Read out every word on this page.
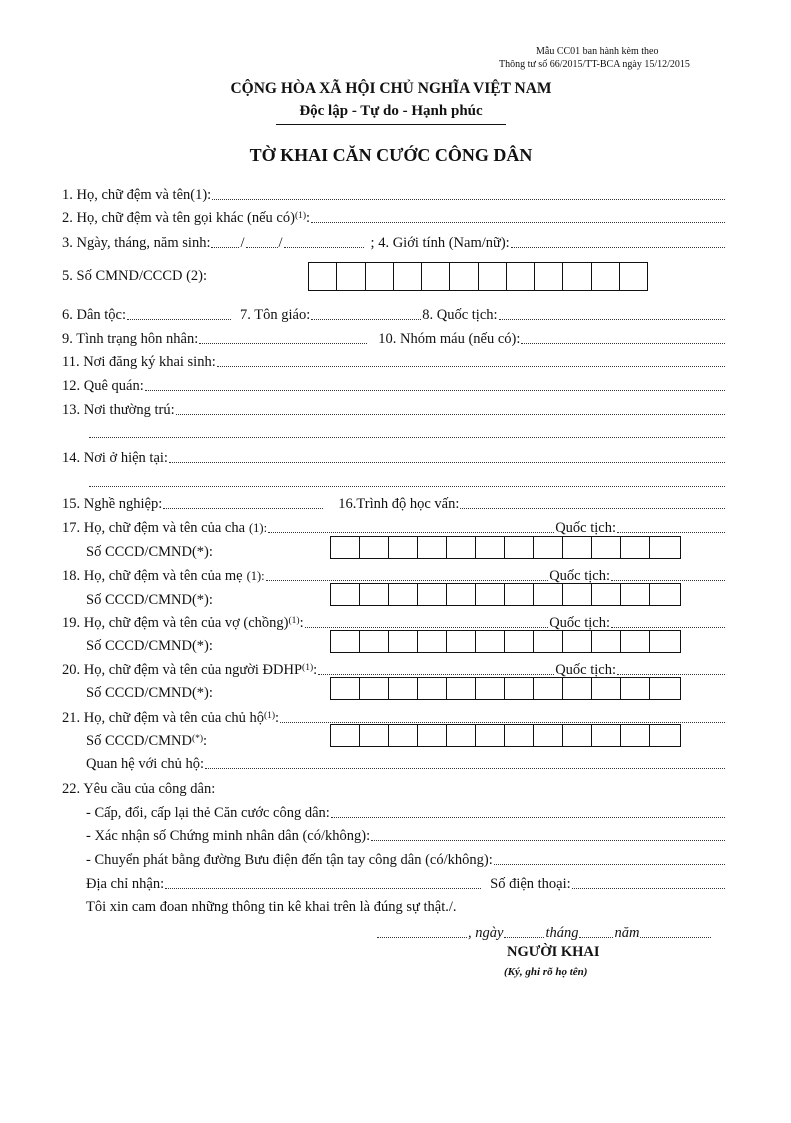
Mẫu CC01 ban hành kèm theo
Thông tư số 66/2015/TT-BCA ngày 15/12/2015
CỘNG HÒA XÃ HỘI CHỦ NGHĨA VIỆT NAM
Độc lập - Tự do - Hạnh phúc
TỜ KHAI CĂN CƯỚC CÔNG DÂN
1. Họ, chữ đệm và tên(1):
2. Họ, chữ đệm và tên gọi khác (nếu có) $^{(1)}$ :
3. Ngày, tháng, năm sinh: / /	; 4. Giới tính (Nam/nữ):
5. Số CMND/CCCD (2):
6. Dân tộc:	7. Tôn giáo:	8. Quốc tịch:
9. Tình trạng hôn nhân:	10. Nhóm máu (nếu có):
11. Nơi đăng ký khai sinh:
12. Quê quán:
13. Nơi thường trú:
14. Nơi ở hiện tại:
15. Nghề nghiệp:	16.Trình độ học vấn:
17. Họ, chữ đệm và tên của cha (1):	Quốc tịch:
Số CCCD/CMND(*):
18. Họ, chữ đệm và tên của mẹ (1):	Quốc tịch:
Số CCCD/CMND(*):
19. Họ, chữ đệm và tên của vợ (chồng) $^{(1)}$ :	Quốc tịch:
Số CCCD/CMND(*):
20. Họ, chữ đệm và tên của người ĐDHP $^{(1)}$ :	Quốc tịch:
Số CCCD/CMND(*):
21. Họ, chữ đệm và tên của chủ hộ $^{(1)}$ :
Số CCCD/CMND (*) :
Quan hệ với chủ hộ:
22. Yêu cầu của công dân:
- Cấp, đổi, cấp lại thẻ Căn cước công dân:
- Xác nhận số Chứng minh nhân dân (có/không):
- Chuyển phát bằng đường Bưu điện đến tận tay công dân (có/không):
Địa chỉ nhận:	Số điện thoại:
Tôi xin cam đoan những thông tin kê khai trên là đúng sự thật./.
, ngày	tháng năm
NGƯỜI KHAI
(Ký, ghi rõ họ tên)
